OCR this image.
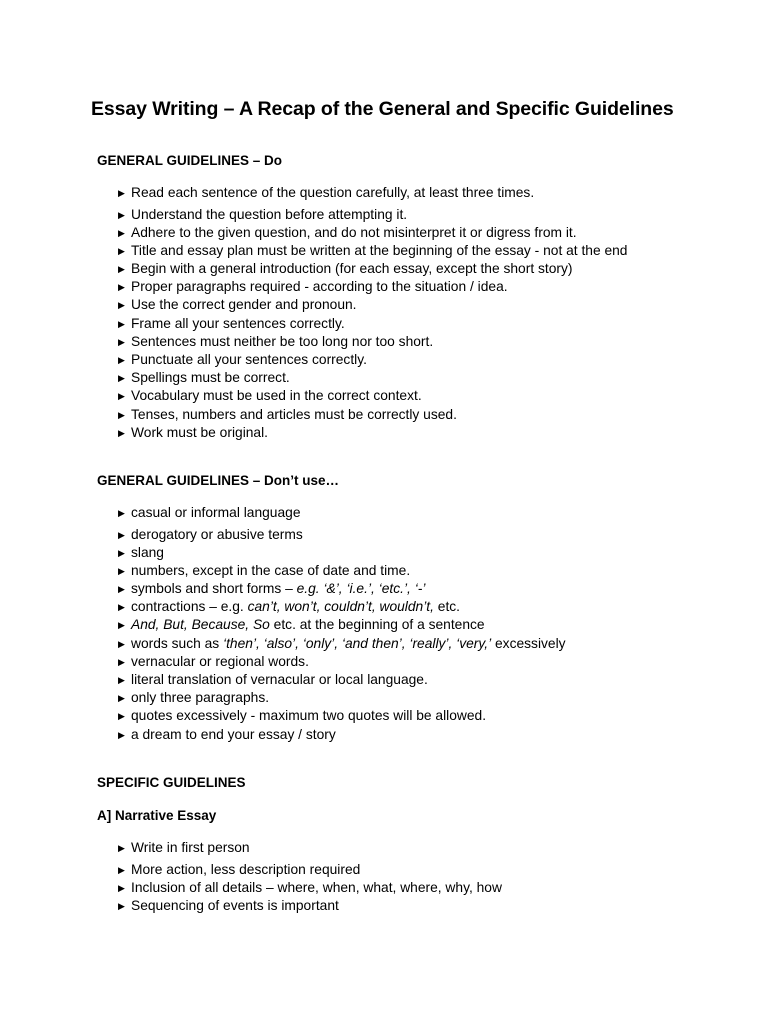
Essay Writing – A Recap of the General and Specific Guidelines
GENERAL GUIDELINES – Do
▶ Read each sentence of the question carefully, at least three times.
▶ Understand the question before attempting it.
▶ Adhere to the given question, and do not misinterpret it or digress from it.
▶ Title and essay plan must be written at the beginning of the essay - not at the end
▶ Begin with a general introduction (for each essay, except the short story)
▶ Proper paragraphs required - according to the situation / idea.
▶ Use the correct gender and pronoun.
▶ Frame all your sentences correctly.
▶ Sentences must neither be too long nor too short.
▶ Punctuate all your sentences correctly.
▶ Spellings must be correct.
▶ Vocabulary must be used in the correct context.
▶ Tenses, numbers and articles must be correctly used.
▶ Work must be original.
GENERAL GUIDELINES – Don’t use…
▶ casual or informal language
▶ derogatory or abusive terms
▶ slang
▶ numbers, except in the case of date and time.
▶ symbols and short forms – e.g. ‘&’, ‘i.e.’, ‘etc.’, ‘-’
▶ contractions – e.g. can’t, won’t, couldn’t, wouldn’t, etc.
▶ And, But, Because, So etc. at the beginning of a sentence
▶ words such as ‘then’, ‘also’, ‘only’, ‘and then’, ‘really’, ‘very,’ excessively
▶ vernacular or regional words.
▶ literal translation of vernacular or local language.
▶ only three paragraphs.
▶ quotes excessively - maximum two quotes will be allowed.
▶ a dream to end your essay / story
SPECIFIC GUIDELINES
A] Narrative Essay
▶ Write in first person
▶ More action, less description required
▶ Inclusion of all details – where, when, what, where, why, how
▶ Sequencing of events is important
